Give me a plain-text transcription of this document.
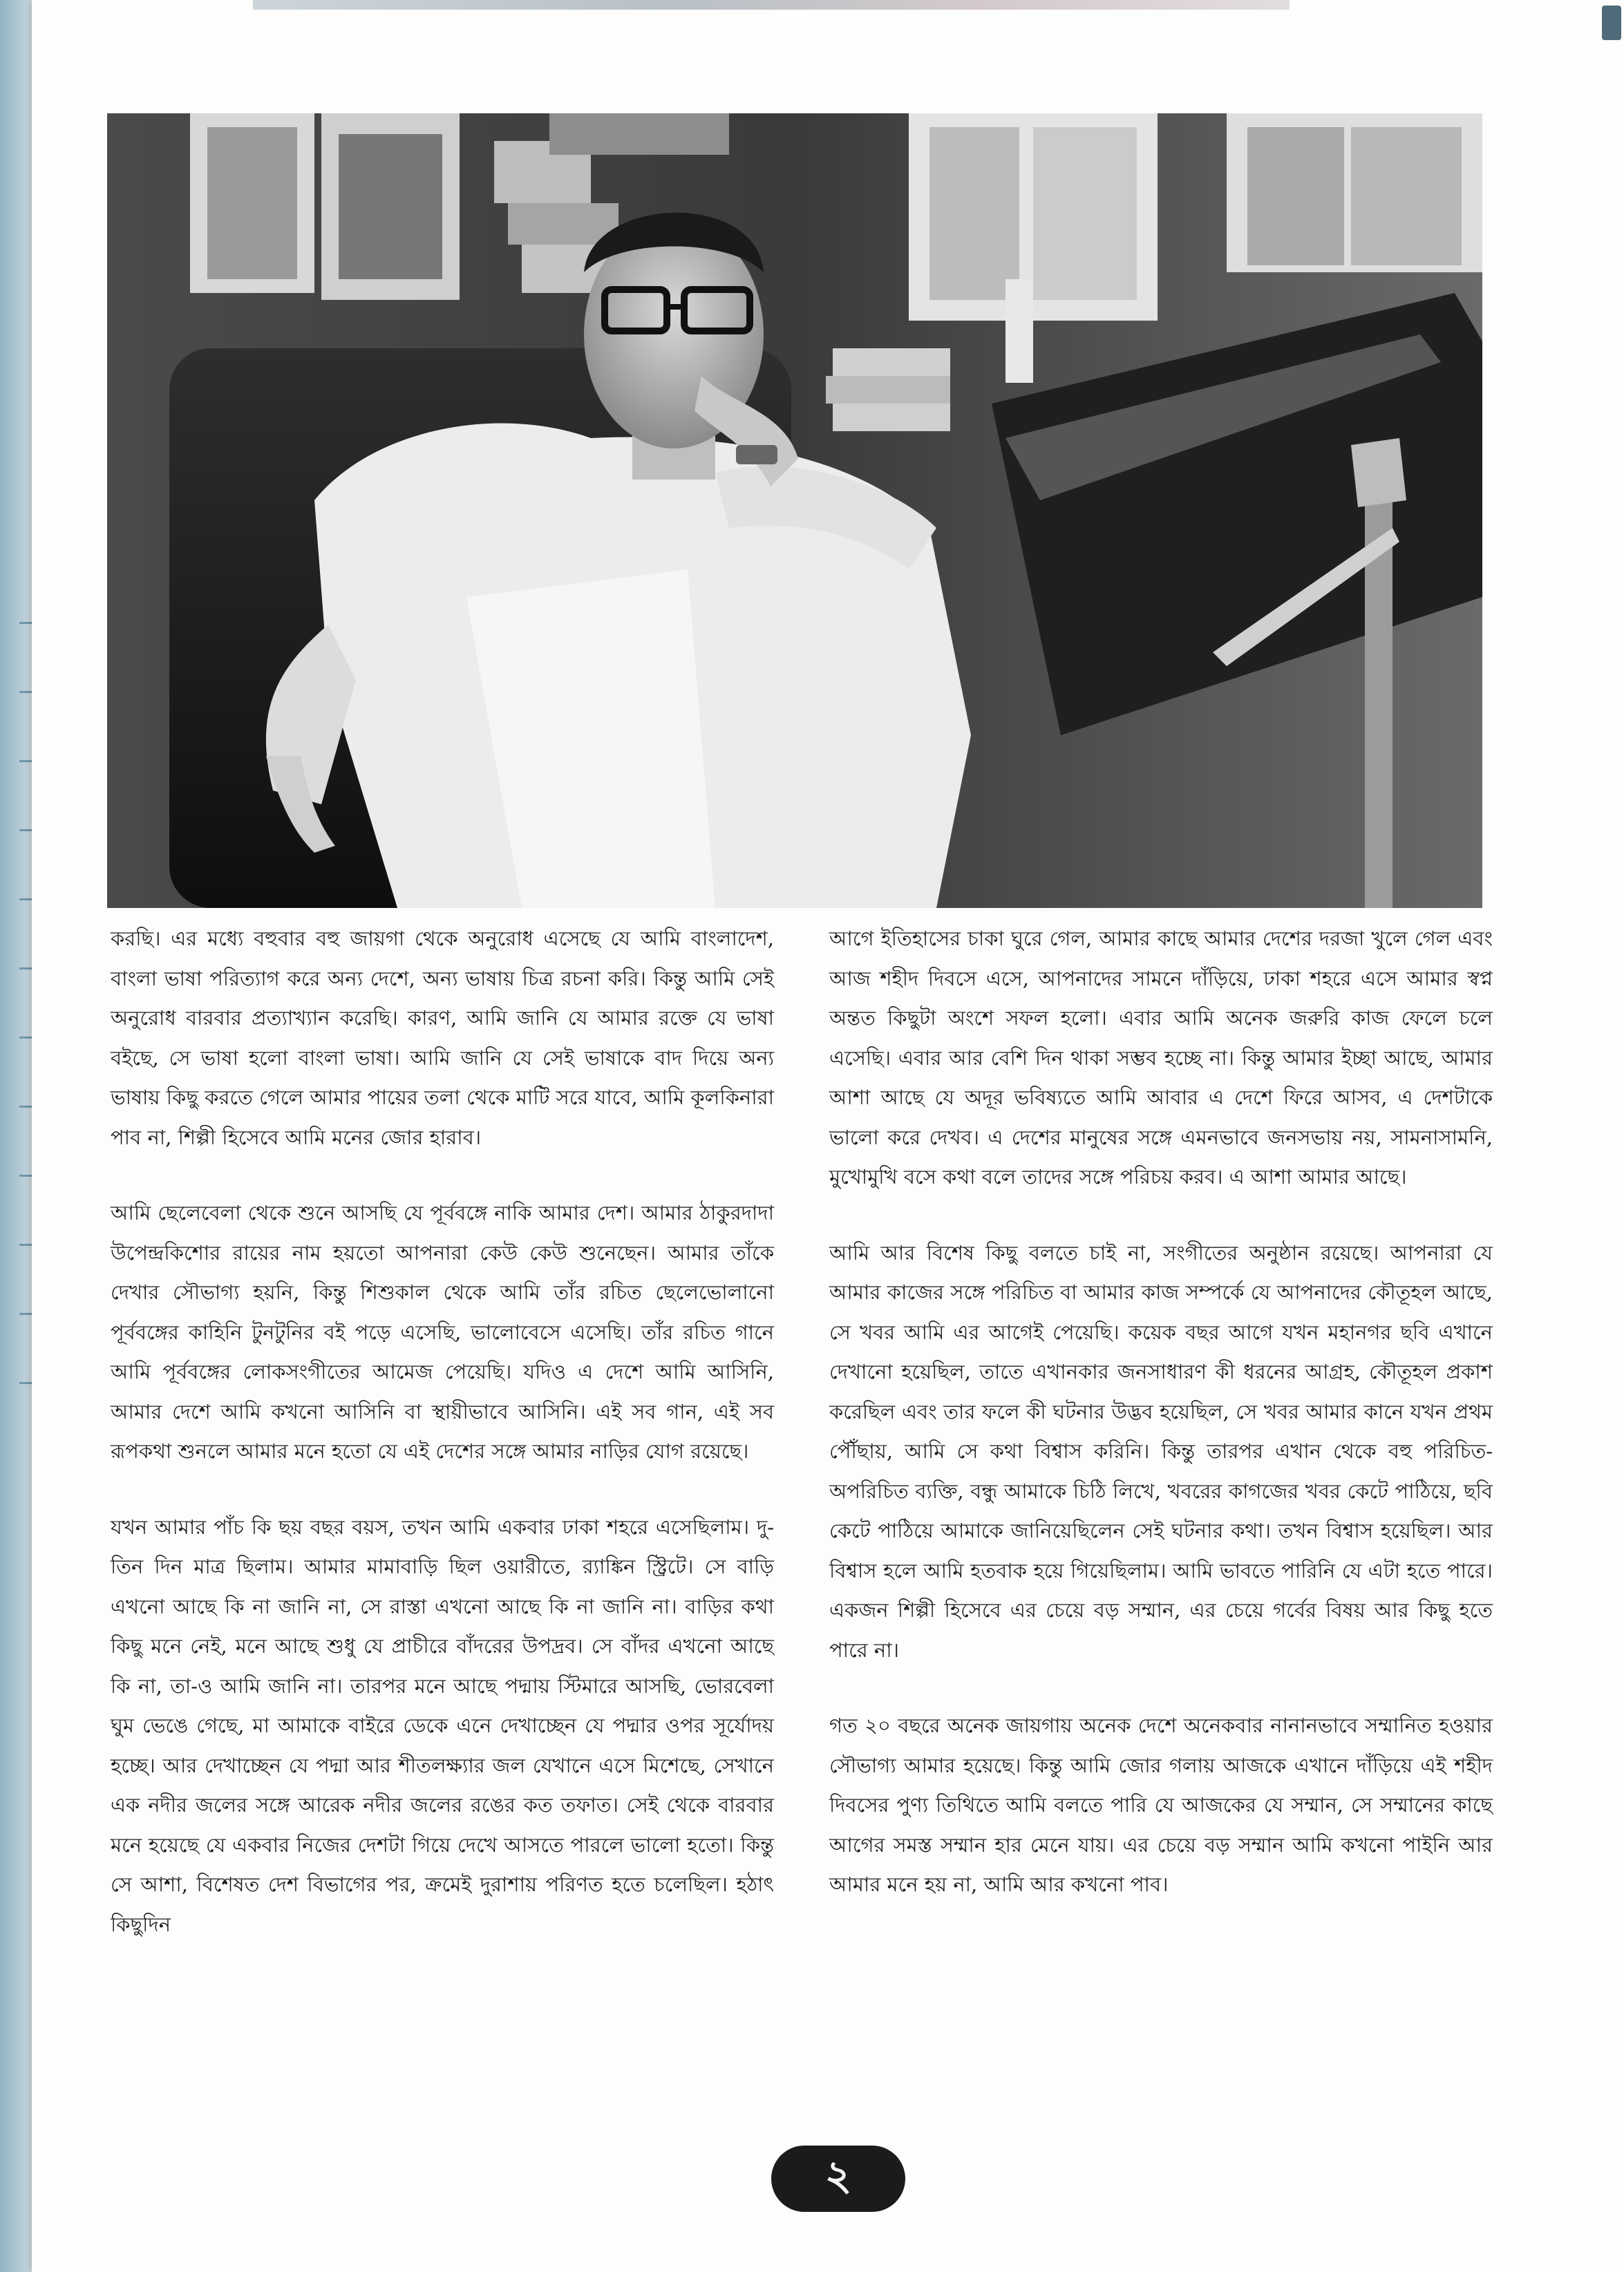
করছি। এর মধ্যে বহুবার বহু জায়গা থেকে অনুরোধ এসেছে যে আমি বাংলাদেশ, বাংলা ভাষা পরিত্যাগ করে অন্য দেশে, অন্য ভাষায় চিত্র রচনা করি। কিন্তু আমি সেই অনুরোধ বারবার প্রত্যাখ্যান করেছি। কারণ, আমি জানি যে আমার রক্তে যে ভাষা বইছে, সে ভাষা হলো বাংলা ভাষা। আমি জানি যে সেই ভাষাকে বাদ দিয়ে অন্য ভাষায় কিছু করতে গেলে আমার পায়ের তলা থেকে মাটি সরে যাবে, আমি কূলকিনারা পাব না, শিল্পী হিসেবে আমি মনের জোর হারাব।

আমি ছেলেবেলা থেকে শুনে আসছি যে পূর্ববঙ্গে নাকি আমার দেশ। আমার ঠাকুরদাদা উপেন্দ্রকিশোর রায়ের নাম হয়তো আপনারা কেউ কেউ শুনেছেন। আমার তাঁকে দেখার সৌভাগ্য হয়নি, কিন্তু শিশুকাল থেকে আমি তাঁর রচিত ছেলেভোলানো পূর্ববঙ্গের কাহিনি টুনটুনির বই পড়ে এসেছি, ভালোবেসে এসেছি। তাঁর রচিত গানে আমি পূর্ববঙ্গের লোকসংগীতের আমেজ পেয়েছি। যদিও এ দেশে আমি আসিনি, আমার দেশে আমি কখনো আসিনি বা স্থায়ীভাবে আসিনি। এই সব গান, এই সব রূপকথা শুনলে আমার মনে হতো যে এই দেশের সঙ্গে আমার নাড়ির যোগ রয়েছে।

যখন আমার পাঁচ কি ছয় বছর বয়স, তখন আমি একবার ঢাকা শহরে এসেছিলাম। দু-তিন দিন মাত্র ছিলাম। আমার মামাবাড়ি ছিল ওয়ারীতে, র‍্যাঙ্কিন স্ট্রিটে। সে বাড়ি এখনো আছে কি না জানি না, সে রাস্তা এখনো আছে কি না জানি না। বাড়ির কথা কিছু মনে নেই, মনে আছে শুধু যে প্রাচীরে বাঁদরের উপদ্রব। সে বাঁদর এখনো আছে কি না, তা-ও আমি জানি না। তারপর মনে আছে পদ্মায় স্টিমারে আসছি, ভোরবেলা ঘুম ভেঙে গেছে, মা আমাকে বাইরে ডেকে এনে দেখাচ্ছেন যে পদ্মার ওপর সূর্যোদয় হচ্ছে। আর দেখাচ্ছেন যে পদ্মা আর শীতলক্ষ্যার জল যেখানে এসে মিশেছে, সেখানে এক নদীর জলের সঙ্গে আরেক নদীর জলের রঙের কত তফাত। সেই থেকে বারবার মনে হয়েছে যে একবার নিজের দেশটা গিয়ে দেখে আসতে পারলে ভালো হতো। কিন্তু সে আশা, বিশেষত দেশ বিভাগের পর, ক্রমেই দুরাশায় পরিণত হতে চলেছিল। হঠাৎ কিছুদিন

আগে ইতিহাসের চাকা ঘুরে গেল, আমার কাছে আমার দেশের দরজা খুলে গেল এবং আজ শহীদ দিবসে এসে, আপনাদের সামনে দাঁড়িয়ে, ঢাকা শহরে এসে আমার স্বপ্ন অন্তত কিছুটা অংশে সফল হলো। এবার আমি অনেক জরুরি কাজ ফেলে চলে এসেছি। এবার আর বেশি দিন থাকা সম্ভব হচ্ছে না। কিন্তু আমার ইচ্ছা আছে, আমার আশা আছে যে অদূর ভবিষ্যতে আমি আবার এ দেশে ফিরে আসব, এ দেশটাকে ভালো করে দেখব। এ দেশের মানুষের সঙ্গে এমনভাবে জনসভায় নয়, সামনাসামনি, মুখোমুখি বসে কথা বলে তাদের সঙ্গে পরিচয় করব। এ আশা আমার আছে।

আমি আর বিশেষ কিছু বলতে চাই না, সংগীতের অনুষ্ঠান রয়েছে। আপনারা যে আমার কাজের সঙ্গে পরিচিত বা আমার কাজ সম্পর্কে যে আপনাদের কৌতূহল আছে, সে খবর আমি এর আগেই পেয়েছি। কয়েক বছর আগে যখন মহানগর ছবি এখানে দেখানো হয়েছিল, তাতে এখানকার জনসাধারণ কী ধরনের আগ্রহ, কৌতূহল প্রকাশ করেছিল এবং তার ফলে কী ঘটনার উদ্ভব হয়েছিল, সে খবর আমার কানে যখন প্রথম পৌঁছায়, আমি সে কথা বিশ্বাস করিনি। কিন্তু তারপর এখান থেকে বহু পরিচিত-অপরিচিত ব্যক্তি, বন্ধু আমাকে চিঠি লিখে, খবরের কাগজের খবর কেটে পাঠিয়ে, ছবি কেটে পাঠিয়ে আমাকে জানিয়েছিলেন সেই ঘটনার কথা। তখন বিশ্বাস হয়েছিল। আর বিশ্বাস হলে আমি হতবাক হয়ে গিয়েছিলাম। আমি ভাবতে পারিনি যে এটা হতে পারে। একজন শিল্পী হিসেবে এর চেয়ে বড় সম্মান, এর চেয়ে গর্বের বিষয় আর কিছু হতে পারে না।

গত ২০ বছরে অনেক জায়গায় অনেক দেশে অনেকবার নানানভাবে সম্মানিত হওয়ার সৌভাগ্য আমার হয়েছে। কিন্তু আমি জোর গলায় আজকে এখানে দাঁড়িয়ে এই শহীদ দিবসের পুণ্য তিথিতে আমি বলতে পারি যে আজকের যে সম্মান, সে সম্মানের কাছে আগের সমস্ত সম্মান হার মেনে যায়। এর চেয়ে বড় সম্মান আমি কখনো পাইনি আর আমার মনে হয় না, আমি আর কখনো পাব।

২
